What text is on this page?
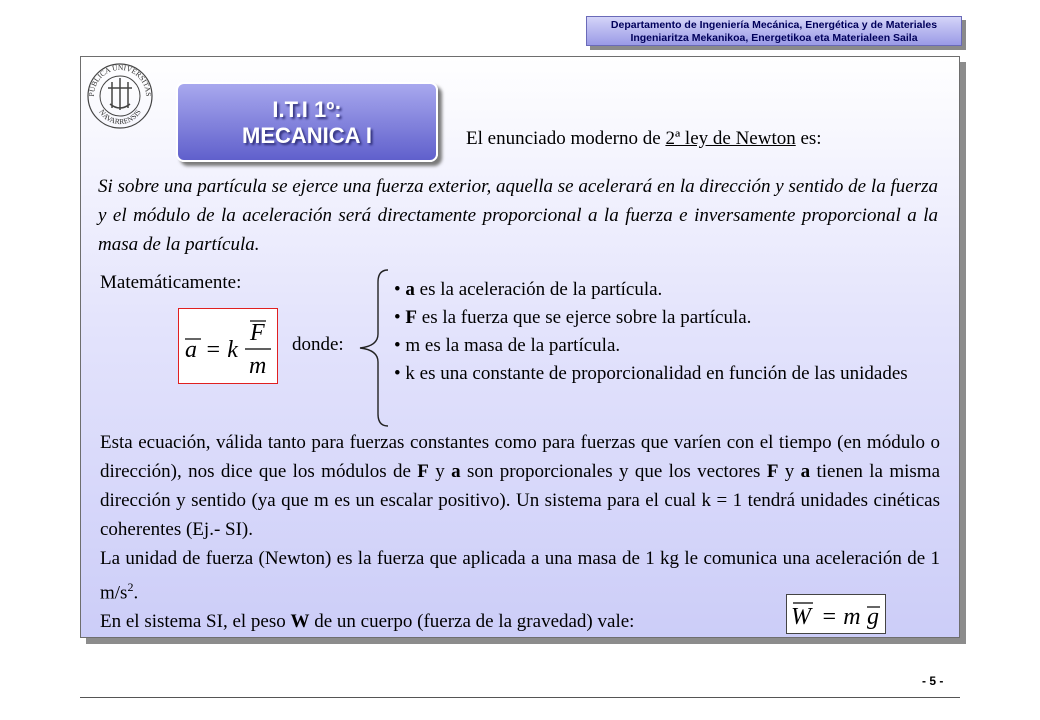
Departamento de Ingeniería Mecánica, Energética y de Materiales
Ingeniaritza Mekanikoa, Energetikoa eta Materialeen Saila
PUBLICA UNIVERSITAS
NAVARRENSIS	I.T.I 1º:
MECANICA I	El enunciado moderno de 2ª ley de Newton es:
Si sobre una partícula se ejerce una fuerza exterior, aquella se acelerará en la dirección y sentido de la fuerza y el módulo de la aceleración será directamente proporcional a la fuerza e inversamente proporcional a la masa de la partícula.
Matemáticamente:
a = k
F
m
donde:
• a es la aceleración de la partícula.
• F es la fuerza que se ejerce sobre la partícula.
• m es la masa de la partícula.
• k es una constante de proporcionalidad en función de las unidades
Esta ecuación, válida tanto para fuerzas constantes como para fuerzas que varíen con el tiempo (en módulo o dirección), nos dice que los módulos de F y a son proporcionales y que los vectores F y a tienen la misma dirección y sentido (ya que m es un escalar positivo). Un sistema para el cual k = 1 tendrá unidades cinéticas coherentes (Ej.- SI).
La unidad de fuerza (Newton) es la fuerza que aplicada a una masa de 1 kg le comunica una aceleración de 1 $m/s^2$.
En el sistema SI, el peso W de un cuerpo (fuerza de la gravedad) vale:	W = m g
- 5 -
